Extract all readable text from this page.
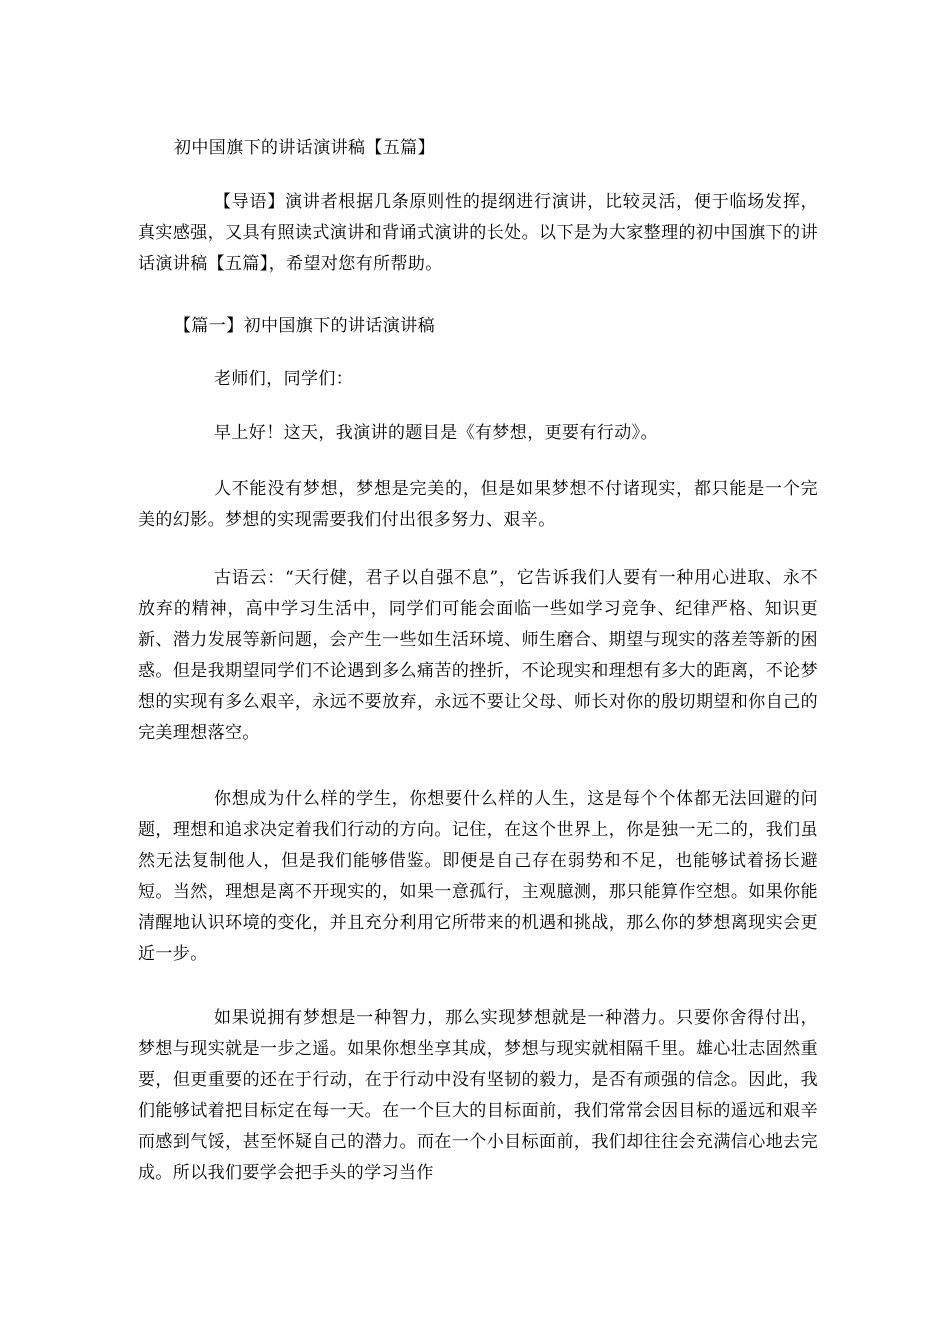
初中国旗下的讲话演讲稿【五篇】

【导语】演讲者根据几条原则性的提纲进行演讲，比较灵活，便于临场发挥，真实感强，又具有照读式演讲和背诵式演讲的长处。以下是为大家整理的初中国旗下的讲话演讲稿【五篇】，希望对您有所帮助。

【篇一】初中国旗下的讲话演讲稿

老师们，同学们：

早上好！这天，我演讲的题目是《有梦想，更要有行动》。

人不能没有梦想，梦想是完美的，但是如果梦想不付诸现实，都只能是一个完美的幻影。梦想的实现需要我们付出很多努力、艰辛。

古语云：“天行健，君子以自强不息”，它告诉我们人要有一种用心进取、永不放弃的精神，高中学习生活中，同学们可能会面临一些如学习竞争、纪律严格、知识更新、潜力发展等新问题，会产生一些如生活环境、师生磨合、期望与现实的落差等新的困惑。但是我期望同学们不论遇到多么痛苦的挫折，不论现实和理想有多大的距离，不论梦想的实现有多么艰辛，永远不要放弃，永远不要让父母、师长对你的殷切期望和你自己的完美理想落空。

你想成为什么样的学生，你想要什么样的人生，这是每个个体都无法回避的问题，理想和追求决定着我们行动的方向。记住，在这个世界上，你是独一无二的，我们虽然无法复制他人，但是我们能够借鉴。即便是自己存在弱势和不足，也能够试着扬长避短。当然，理想是离不开现实的，如果一意孤行，主观臆测，那只能算作空想。如果你能清醒地认识环境的变化，并且充分利用它所带来的机遇和挑战，那么你的梦想离现实会更近一步。

如果说拥有梦想是一种智力，那么实现梦想就是一种潜力。只要你舍得付出，梦想与现实就是一步之遥。如果你想坐享其成，梦想与现实就相隔千里。雄心壮志固然重要，但更重要的还在于行动，在于行动中没有坚韧的毅力，是否有顽强的信念。因此，我们能够试着把目标定在每一天。在一个巨大的目标面前，我们常常会因目标的遥远和艰辛而感到气馁，甚至怀疑自己的潜力。而在一个小目标面前，我们却往往会充满信心地去完成。所以我们要学会把手头的学习当作
